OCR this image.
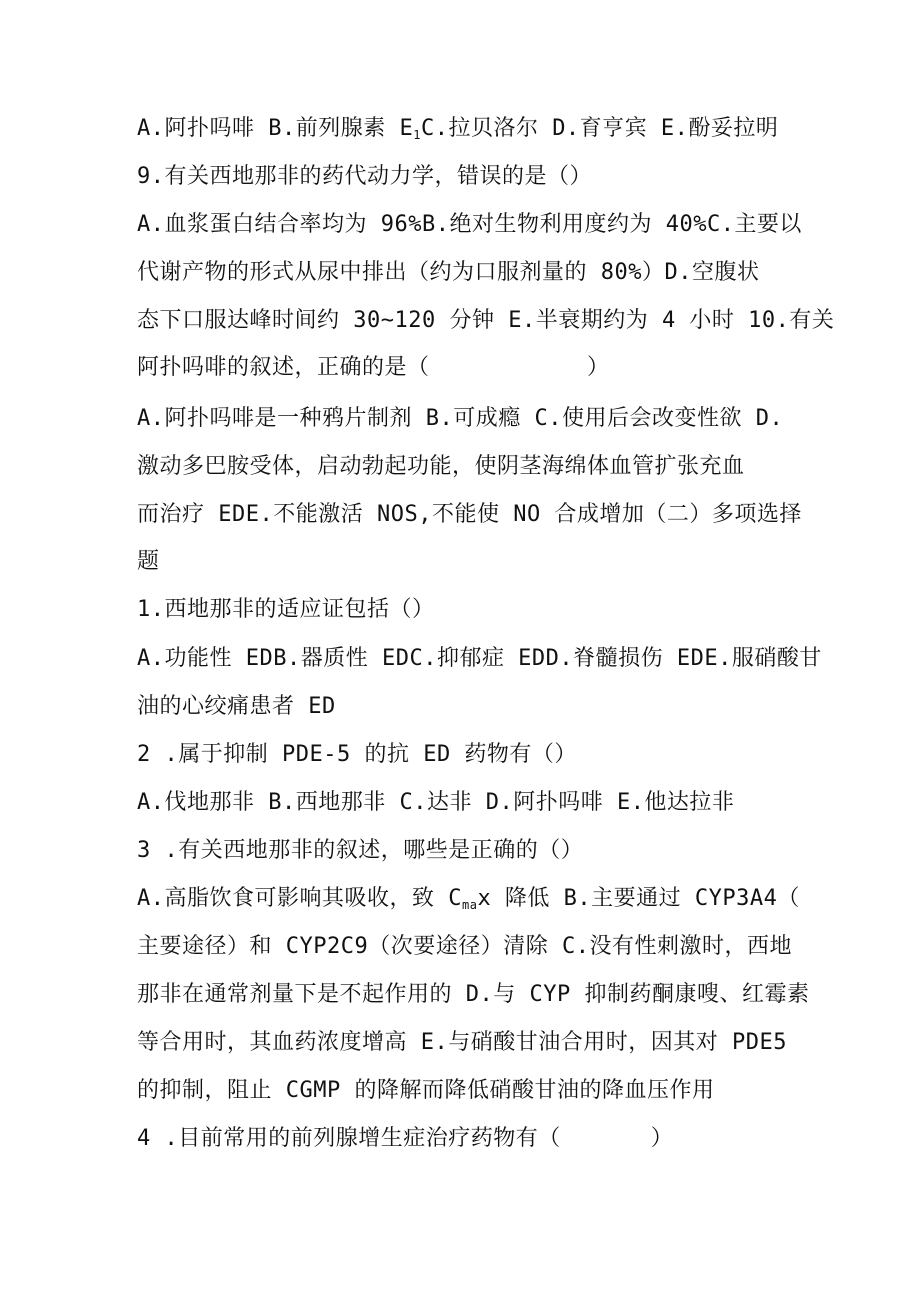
A.阿扑吗啡 B.前列腺素 $E_1C$.拉贝洛尔 D.育亨宾 E.酚妥拉明
9.有关西地那非的药代动力学，错误的是（）
A.血浆蛋白结合率均为 96%B.绝对生物利用度约为 40%C.主要以
代谢产物的形式从尿中排出（约为口服剂量的 80%）D.空腹状
态下口服达峰时间约 30~120 分钟 E.半衰期约为 4 小时 10.有关
阿扑吗啡的叙述，正确的是（　　　　　　　）
A.阿扑吗啡是一种鸦片制剂 B.可成瘾 C.使用后会改变性欲 D.
激动多巴胺受体，启动勃起功能，使阴茎海绵体血管扩张充血
而治疗 EDE.不能激活 NOS,不能使 NO 合成增加（二）多项选择
题
1.西地那非的适应证包括（）
A.功能性 EDB.器质性 EDC.抑郁症 EDD.脊髓损伤 EDE.服硝酸甘
油的心绞痛患者 ED
2 .属于抑制 PDE-5 的抗 ED 药物有（）
A.伐地那非 B.西地那非 C.达非 D.阿扑吗啡 E.他达拉非
3 .有关西地那非的叙述，哪些是正确的（）
A.高脂饮食可影响其吸收，致 $C_{ma}x$ 降低 B.主要通过 CYP3A4（
主要途径）和 CYP2C9（次要途径）清除 C.没有性刺激时，西地
那非在通常剂量下是不起作用的 D.与 CYP 抑制药酮康嗖、红霉素
等合用时，其血药浓度增高 E.与硝酸甘油合用时，因其对 PDE5
的抑制，阻止 CGMP 的降解而降低硝酸甘油的降血压作用
4 .目前常用的前列腺增生症治疗药物有（　　　　）
